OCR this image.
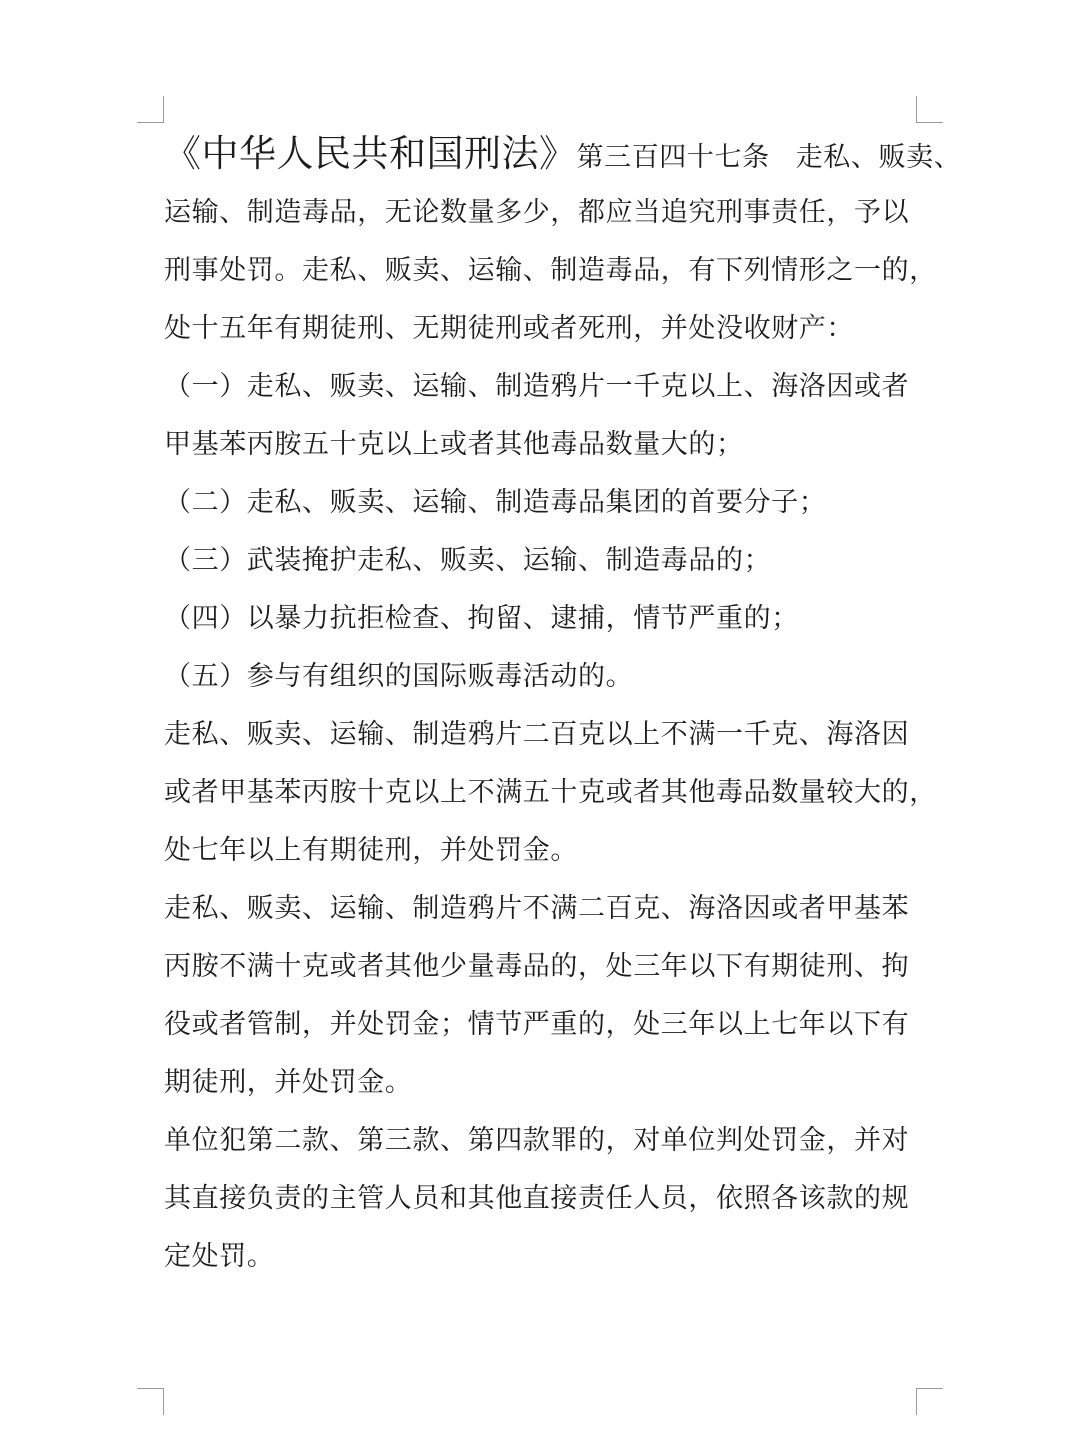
《中华人民共和国刑法》第三百四十七条 走私、贩卖、
运输、制造毒品，无论数量多少，都应当追究刑事责任，予以
刑事处罚。走私、贩卖、运输、制造毒品，有下列情形之一的，
处十五年有期徒刑、无期徒刑或者死刑，并处没收财产：
（一）走私、贩卖、运输、制造鸦片一千克以上、海洛因或者
甲基苯丙胺五十克以上或者其他毒品数量大的；
（二）走私、贩卖、运输、制造毒品集团的首要分子；
（三）武装掩护走私、贩卖、运输、制造毒品的；
（四）以暴力抗拒检查、拘留、逮捕，情节严重的；
（五）参与有组织的国际贩毒活动的。
走私、贩卖、运输、制造鸦片二百克以上不满一千克、海洛因
或者甲基苯丙胺十克以上不满五十克或者其他毒品数量较大的，
处七年以上有期徒刑，并处罚金。
走私、贩卖、运输、制造鸦片不满二百克、海洛因或者甲基苯
丙胺不满十克或者其他少量毒品的，处三年以下有期徒刑、拘
役或者管制，并处罚金；情节严重的，处三年以上七年以下有
期徒刑，并处罚金。
单位犯第二款、第三款、第四款罪的，对单位判处罚金，并对
其直接负责的主管人员和其他直接责任人员，依照各该款的规
定处罚。
